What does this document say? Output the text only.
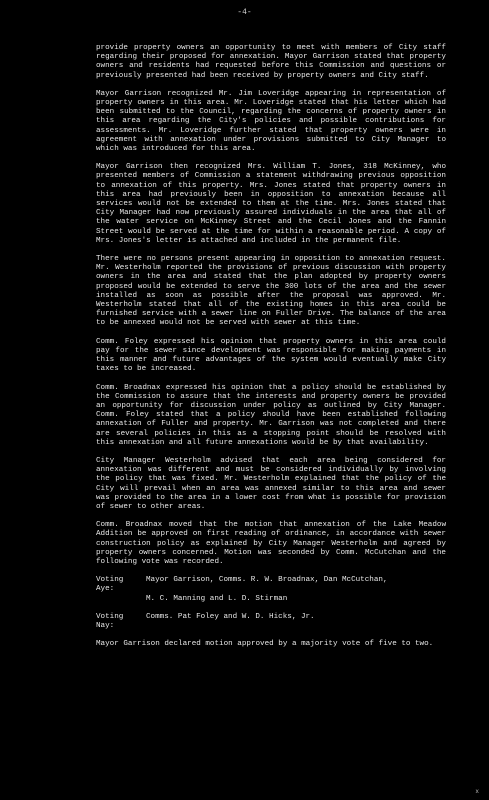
-4-

provide property owners an opportunity to meet with members of City staff regarding their proposed for annexation. Mayor Garrison stated that property owners and residents had requested before this Commission and questions or previously presented had been received by property owners and City staff.

Mayor Garrison recognized Mr. Jim Loveridge appearing in representation of property owners in this area. Mr. Loveridge stated that his letter which had been submitted to the Council, regarding the concerns of property owners in this area regarding the City's policies and possible contributions for assessments. Mr. Loveridge further stated that property owners were in agreement with annexation under provisions submitted to City Manager to which was introduced for this area.

Mayor Garrison then recognized Mrs. William T. Jones, 318 McKinney, who presented members of Commission a statement withdrawing previous opposition to annexation of this property. Mrs. Jones stated that property owners in this area had previously been in opposition to annexation because all services would not be extended to them at the time. Mrs. Jones stated that City Manager had now previously assured individuals in the area that all of the water service on McKinney Street and the Cecil Jones and the Fannin Street would be served at the time for within a reasonable period. A copy of Mrs. Jones's letter is attached and included in the permanent file.

There were no persons present appearing in opposition to annexation request. Mr. Westerholm reported the provisions of previous discussion with property owners in the area and stated that the plan adopted by property owners proposed would be extended to serve the 300 lots of the area and the sewer installed as soon as possible after the proposal was approved. Mr. Westerholm stated that all of the existing homes in this area could be furnished service with a sewer line on Fuller Drive. The balance of the area to be annexed would not be served with sewer at this time.

Comm. Foley expressed his opinion that property owners in this area could pay for the sewer since development was responsible for making payments in this manner and future advantages of the system would eventually make City taxes to be increased.

Comm. Broadnax expressed his opinion that a policy should be established by the Commission to assure that the interests and property owners be provided an opportunity for discussion under policy as outlined by City Manager. Comm. Foley stated that a policy should have been established following annexation of Fuller and property. Mr. Garrison was not completed and there are several policies in this as a stopping point should be resolved with this annexation and all future annexations would be by that availability.

City Manager Westerholm advised that each area being considered for annexation was different and must be considered individually by involving the policy that was fixed. Mr. Westerholm explained that the policy of the City will prevail when an area was annexed similar to this area and sewer was provided to the area in a lower cost from what is possible for provision of sewer to other areas.

Comm. Broadnax moved that the motion that annexation of the Lake Meadow Addition be approved on first reading of ordinance, in accordance with sewer construction policy as explained by City Manager Westerholm and agreed by property owners concerned. Motion was seconded by Comm. McCutchan and the following vote was recorded.

Voting Aye:
Mayor Garrison, Comms. R. W. Broadnax, Dan McCutchan,
M. C. Manning and L. D. Stirman
Voting Nay:
Comms. Pat Foley and W. D. Hicks, Jr.

Mayor Garrison declared motion approved by a majority vote of five to two.

x
